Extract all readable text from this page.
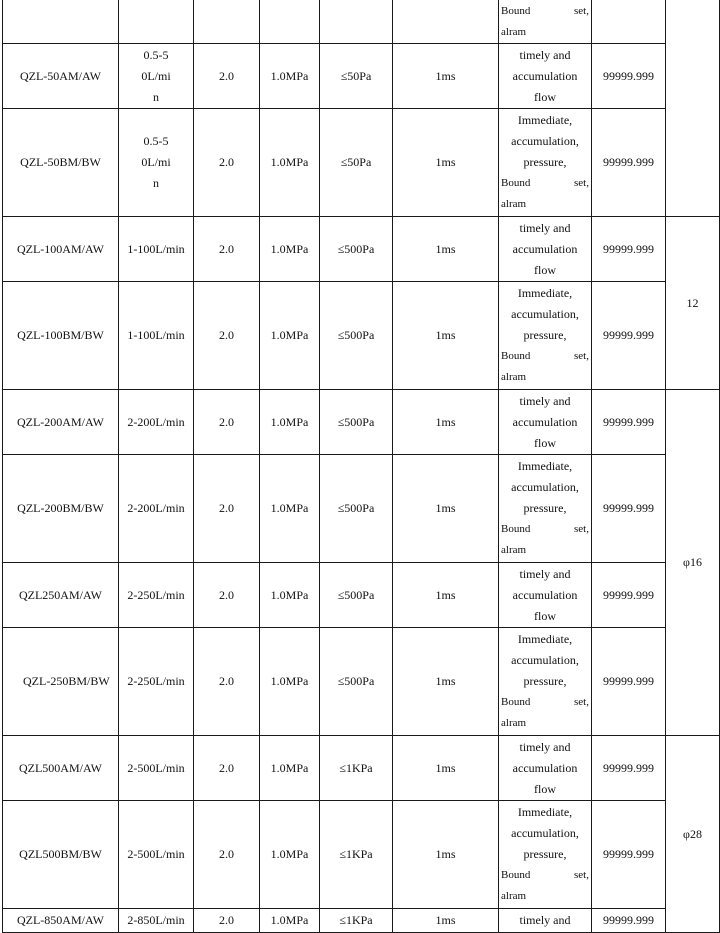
						Bound set,
alram		

QZL-50AM/AW	0.5-50L/min	2.0	1.0MPa	≤50Pa	1ms	timely and
accumulation
flow	99999.999	
QZL-50BM/BW	0.5-50L/min	2.0	1.0MPa	≤50Pa	1ms	Immediate,
accumulation,
pressure,
Bound set,
alram	99999.999	
QZL-100AM/AW	1-100L/min	2.0	1.0MPa	≤500Pa	1ms	timely and
accumulation
flow	99999.999	12
QZL-100BM/BW	1-100L/min	2.0	1.0MPa	≤500Pa	1ms	Immediate,
accumulation,
pressure,
Bound set,
alram	99999.999	
QZL-200AM/AW	2-200L/min	2.0	1.0MPa	≤500Pa	1ms	timely and
accumulation
flow	99999.999	φ16
QZL-200BM/BW	2-200L/min	2.0	1.0MPa	≤500Pa	1ms	Immediate,
accumulation,
pressure,
Bound set,
alram	99999.999	
QZL250AM/AW	2-250L/min	2.0	1.0MPa	≤500Pa	1ms	timely and
accumulation
flow	99999.999	
QZL-250BM/BW	2-250L/min	2.0	1.0MPa	≤500Pa	1ms	Immediate,
accumulation,
pressure,
Bound set,
alram	99999.999	
QZL500AM/AW	2-500L/min	2.0	1.0MPa	≤1KPa	1ms	timely and
accumulation
flow	99999.999	φ28
QZL500BM/BW	2-500L/min	2.0	1.0MPa	≤1KPa	1ms	Immediate,
accumulation,
pressure,
Bound set,
alram	99999.999	
QZL-850AM/AW	2-850L/min	2.0	1.0MPa	≤1KPa	1ms	timely and	99999.999	
